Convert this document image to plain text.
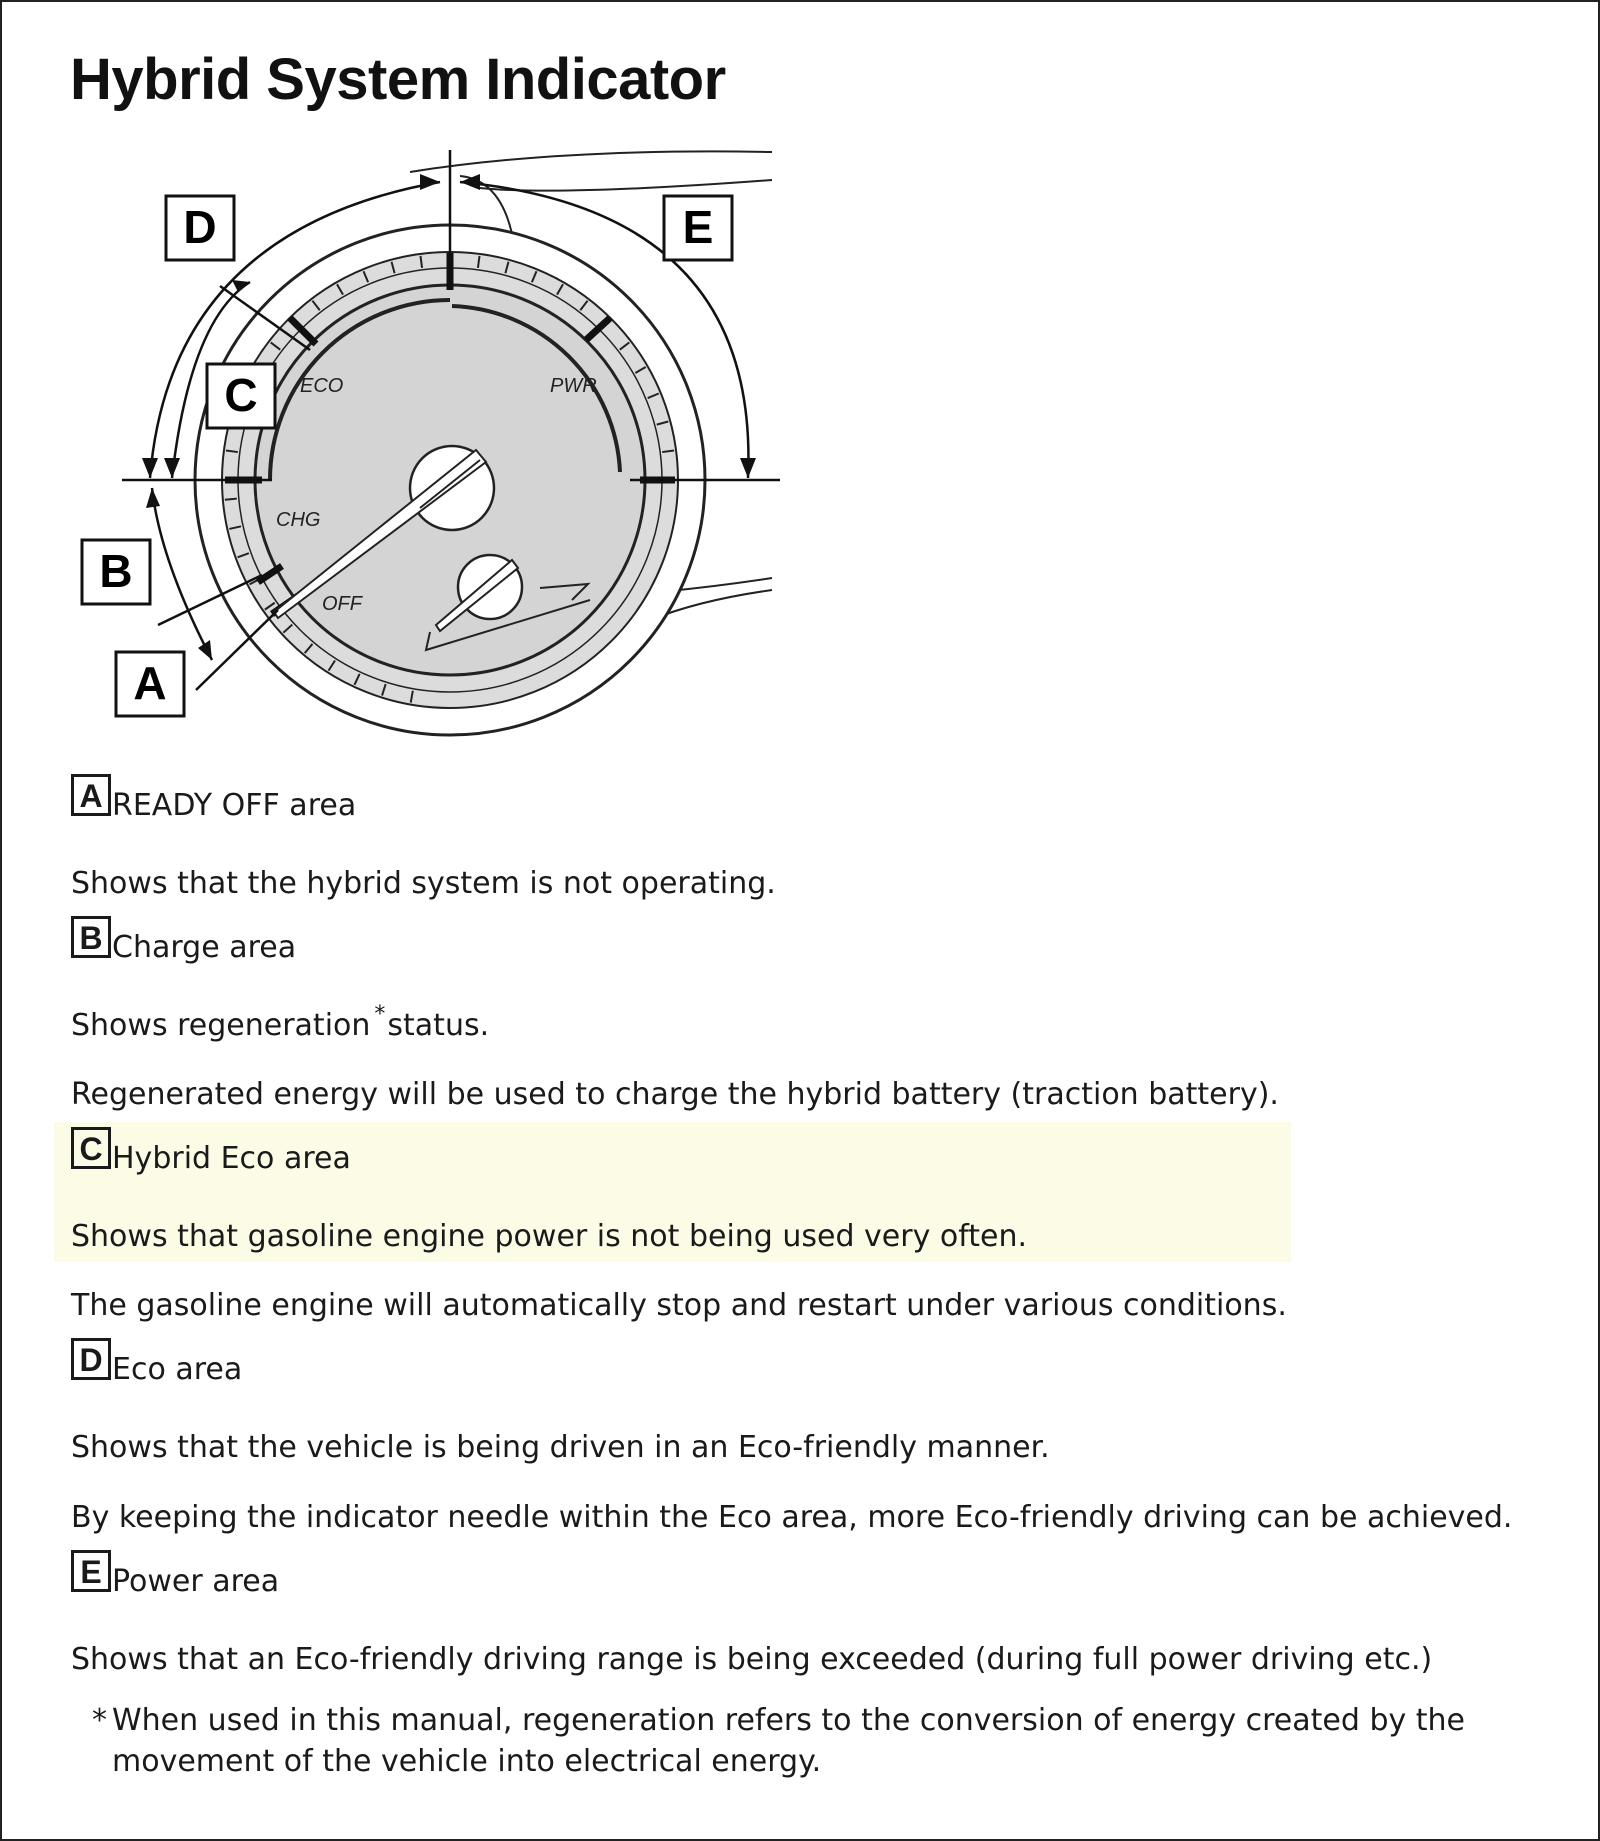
Hybrid System Indicator
ECO	PWR
CHG
OFF
D	E
C
B
A
A READY OFF area
Shows that the hybrid system is not operating.
B Charge area
Shows regeneration *status.
Regenerated energy will be used to charge the hybrid battery (traction battery).
C Hybrid Eco area
Shows that gasoline engine power is not being used very often.
The gasoline engine will automatically stop and restart under various conditions.
D Eco area
Shows that the vehicle is being driven in an Eco-friendly manner.
By keeping the indicator needle within the Eco area, more Eco-friendly driving can be achieved.
E Power area
Shows that an Eco-friendly driving range is being exceeded (during full power driving etc.)
* When used in this manual, regeneration refers to the conversion of energy created by the movement of the vehicle into electrical energy.
